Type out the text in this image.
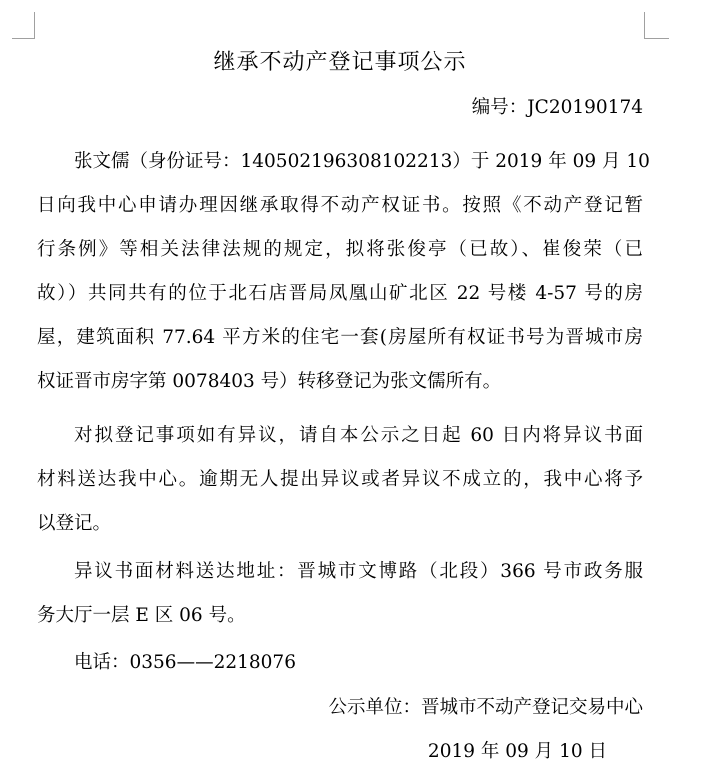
继承不动产登记事项公示
编号：JC20190174
张文儒（身份证号：140502196308102213）于 2019 年 09 月 10
日向我中心申请办理因继承取得不动产权证书。按照《不动产登记暂
行条例》等相关法律法规的规定，拟将张俊亭（已故）、崔俊荣（已
故））共同共有的位于北石店晋局凤凰山矿北区 22 号楼 4-57 号的房
屋，建筑面积 77.64 平方米的住宅一套(房屋所有权证书号为晋城市房
权证晋市房字第 0078403 号）转移登记为张文儒所有。
对拟登记事项如有异议，请自本公示之日起 60 日内将异议书面
材料送达我中心。逾期无人提出异议或者异议不成立的，我中心将予
以登记。
异议书面材料送达地址：晋城市文博路（北段）366 号市政务服
务大厅一层 E 区 06 号。
电话：0356——2218076
公示单位：晋城市不动产登记交易中心
2019 年 09 月 10 日
